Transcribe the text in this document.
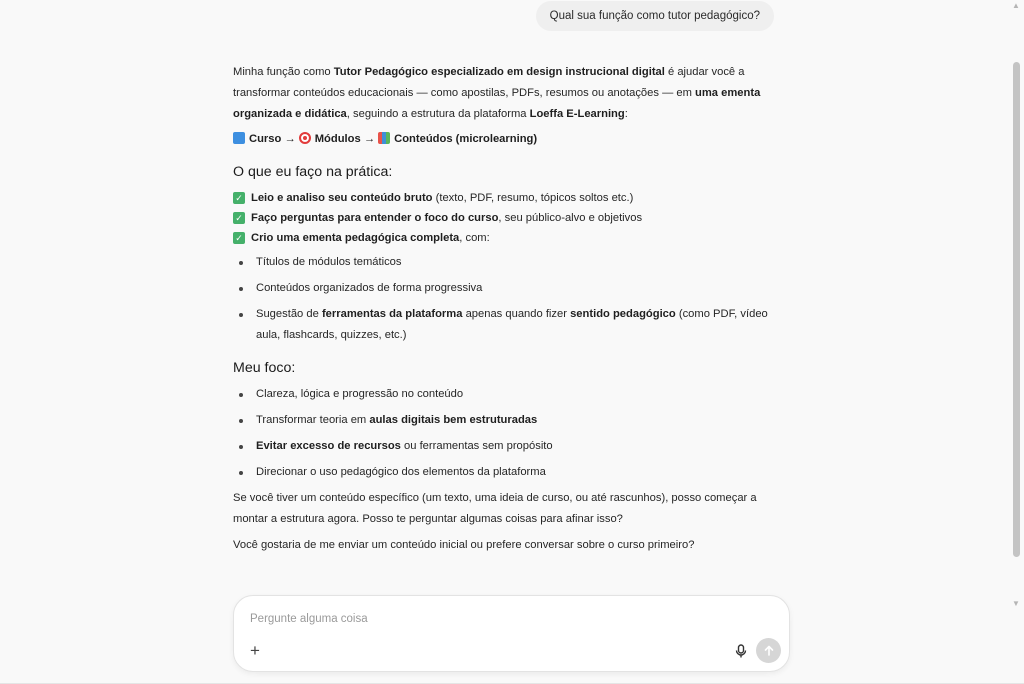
Qual sua função como tutor pedagógico?

Minha função como Tutor Pedagógico especializado em design instrucional digital é ajudar você a transformar conteúdos educacionais — como apostilas, PDFs, resumos ou anotações — em uma ementa organizada e didática, seguindo a estrutura da plataforma Loeffa E-Learning:

Curso → Módulos → Conteúdos (microlearning)

O que eu faço na prática:
✓ Leio e analiso seu conteúdo bruto (texto, PDF, resumo, tópicos soltos etc.)
✓ Faço perguntas para entender o foco do curso, seu público-alvo e objetivos
✓ Crio uma ementa pedagógica completa, com:
Títulos de módulos temáticos
Conteúdos organizados de forma progressiva
Sugestão de ferramentas da plataforma apenas quando fizer sentido pedagógico (como PDF, vídeo aula, flashcards, quizzes, etc.)
Meu foco:
Clareza, lógica e progressão no conteúdo
Transformar teoria em aulas digitais bem estruturadas
Evitar excesso de recursos ou ferramentas sem propósito
Direcionar o uso pedagógico dos elementos da plataforma

Se você tiver um conteúdo específico (um texto, uma ideia de curso, ou até rascunhos), posso começar a montar a estrutura agora. Posso te perguntar algumas coisas para afinar isso?

Você gostaria de me enviar um conteúdo inicial ou prefere conversar sobre o curso primeiro?

Pergunte alguma coisa
+
▲
▼
